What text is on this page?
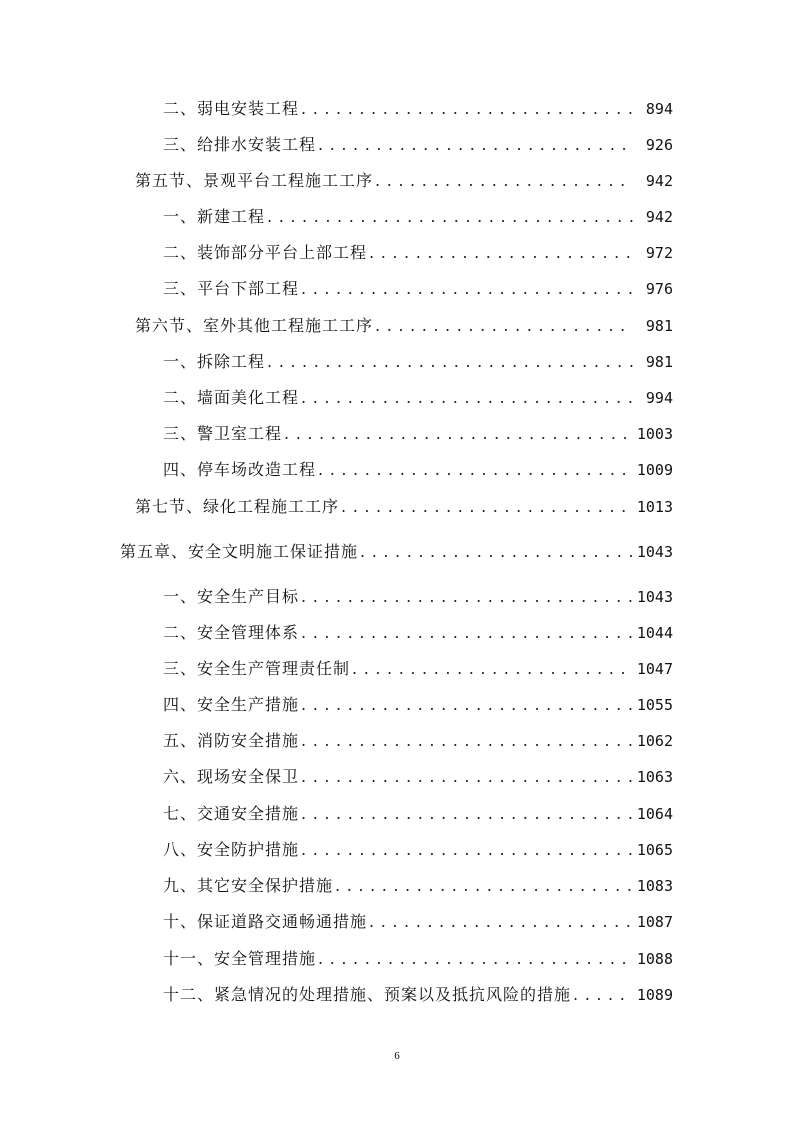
二、弱电安装工程 . . .	894
三、给排水安装工程 . . .	926
第五节、景观平台工程施工工序 . . .	942
一、新建工程 . . .	942
二、装饰部分平台上部工程 . . .	972
三、平台下部工程 . . .	976
第六节、室外其他工程施工工序 . . .	981
一、拆除工程 . . .	981
二、墙面美化工程 . . .	994
三、警卫室工程 . . .	1003
四、停车场改造工程 . . .	1009
第七节、绿化工程施工工序 . . .	1013
第五章、安全文明施工保证措施 . . .	1043
一、安全生产目标 . . .	1043
二、安全管理体系 . . .	1044
三、安全生产管理责任制 . . .	1047
四、安全生产措施 . . .	1055
五、消防安全措施 . . .	1062
六、现场安全保卫 . . .	1063
七、交通安全措施 . . .	1064
八、安全防护措施 . . .	1065
九、其它安全保护措施 . . .	1083
十、保证道路交通畅通措施 . . .	1087
十一、安全管理措施 . . .	1088
十二、紧急情况的处理措施、预案以及抵抗风险的措施 . . .	1089
6
